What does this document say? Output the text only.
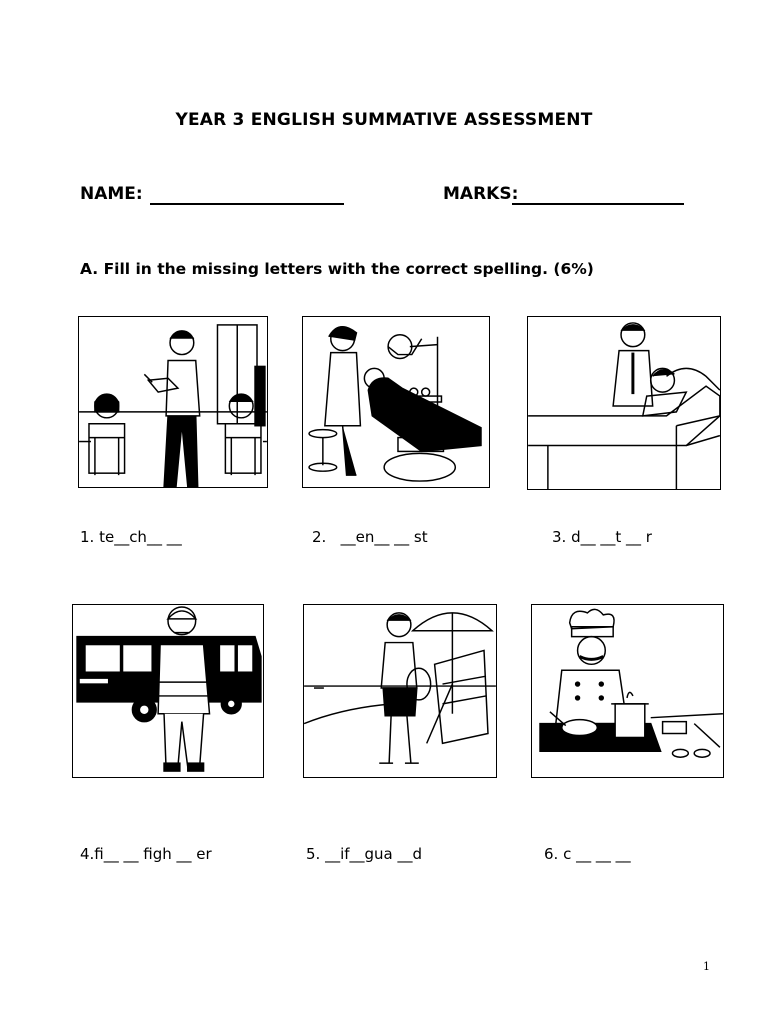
YEAR 3 ENGLISH SUMMATIVE ASSESSMENT
NAME:	MARKS:
A. Fill in the missing letters with the correct spelling. (6%)
1. te__ch__ __	2.   __en__ __ st	3. d__ __t __ r
4.fi__ __ figh __ er	5. __if__gua __d	6. c __ __ __
1
